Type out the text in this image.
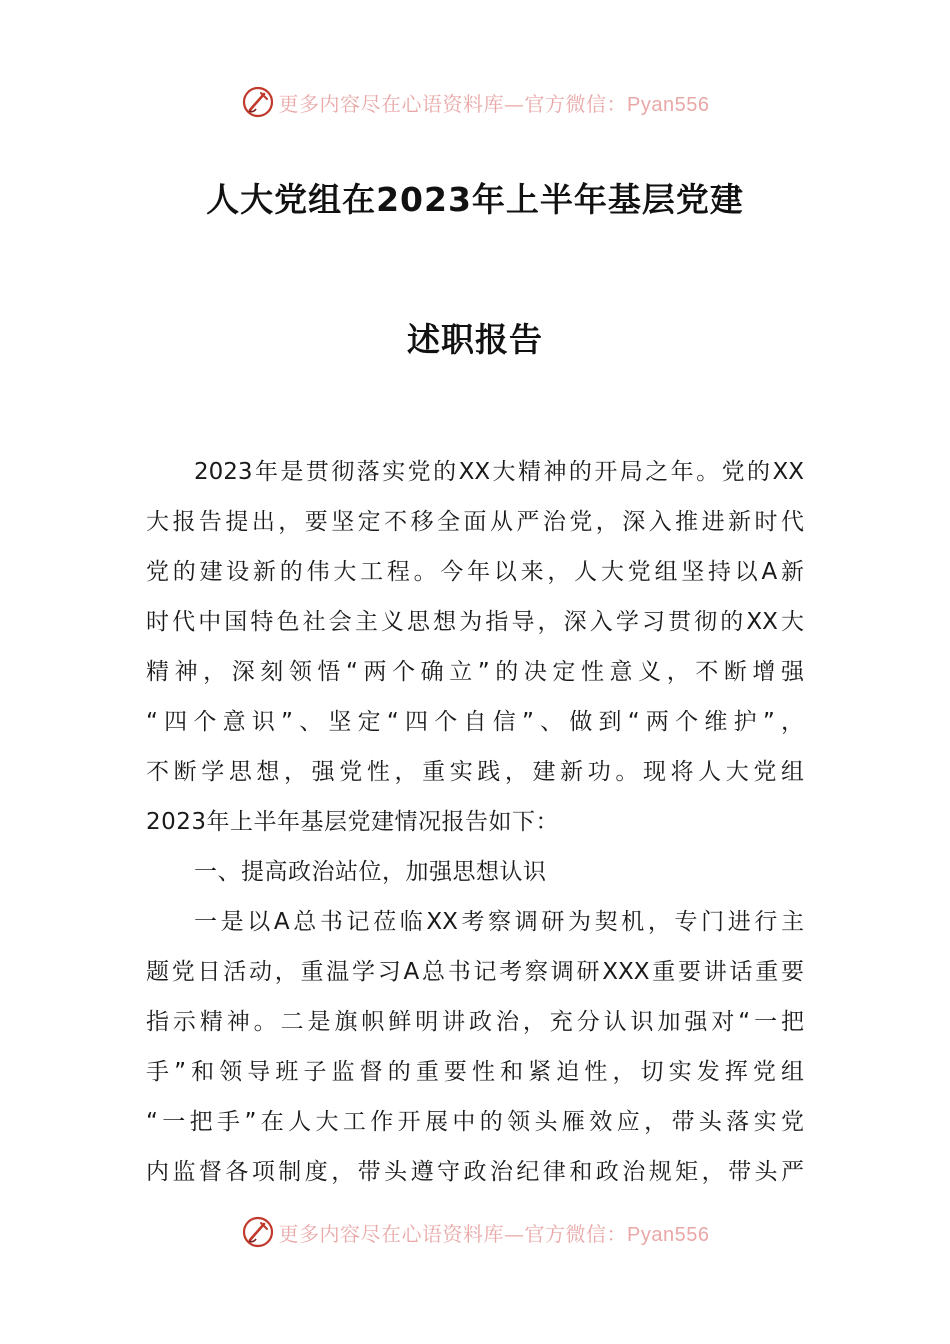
更多内容尽在心语资料库—官方微信：Pyan556
人大党组在2023年上半年基层党建
述职报告
2023年是贯彻落实党的XX大精神的开局之年。党的XX
大报告提出，要坚定不移全面从严治党，深入推进新时代
党的建设新的伟大工程。今年以来，人大党组坚持以A新
时代中国特色社会主义思想为指导，深入学习贯彻的XX大
精神，深刻领悟“两个确立”的决定性意义，不断增强
“四个意识”、坚定“四个自信”、做到“两个维护”，
不断学思想，强党性，重实践，建新功。现将人大党组
2023年上半年基层党建情况报告如下：
一、提高政治站位，加强思想认识
一是以A总书记莅临XX考察调研为契机，专门进行主
题党日活动，重温学习A总书记考察调研XXX重要讲话重要
指示精神。二是旗帜鲜明讲政治，充分认识加强对“一把
手”和领导班子监督的重要性和紧迫性，切实发挥党组
“一把手”在人大工作开展中的领头雁效应，带头落实党
内监督各项制度，带头遵守政治纪律和政治规矩，带头严
更多内容尽在心语资料库—官方微信：Pyan556
